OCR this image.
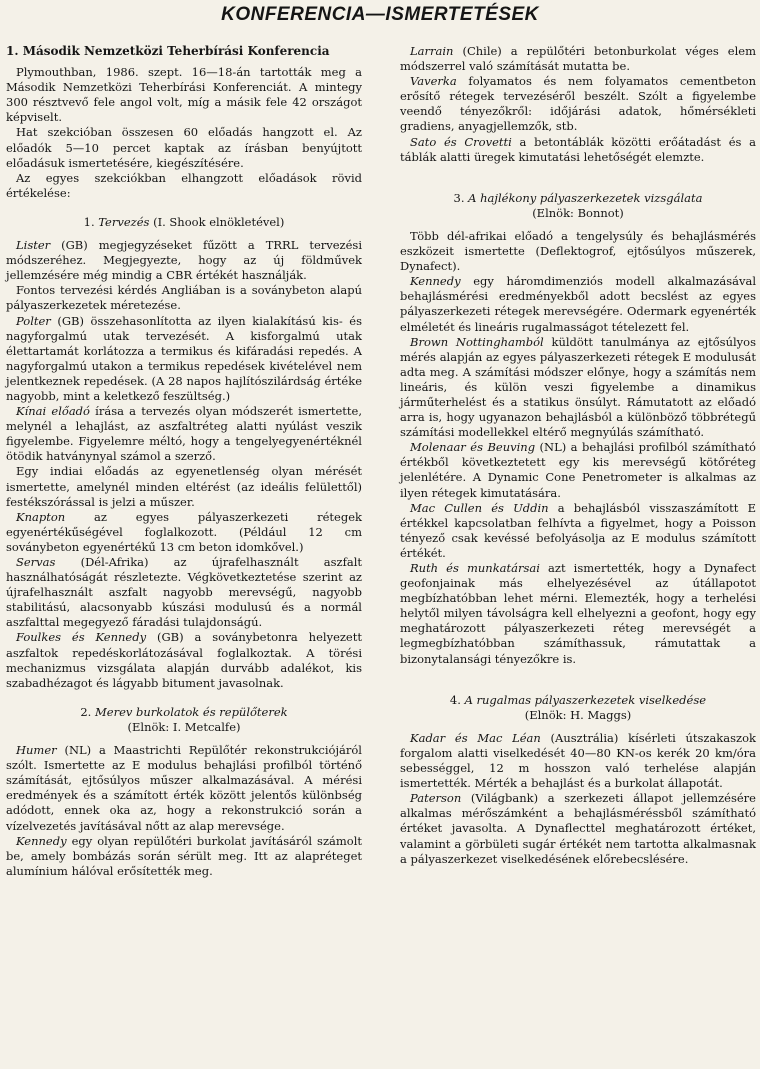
KONFERENCIA—ISMERTETÉSEK
1. Második Nemzetközi Teherbírási Konferencia

Plymouthban, 1986. szept. 16—18-án tartották meg a Második Nemzetközi Teherbírási Konferenciát. A mintegy 300 résztvevő fele angol volt, míg a másik fele 42 országot képviselt.

Hat szekcióban összesen 60 előadás hangzott el. Az előadók 5—10 percet kaptak az írásban benyújtott előadásuk ismertetésére, kiegészítésére.

Az egyes szekciókban elhangzott előadások rövid értékelése:

1. Tervezés (I. Shook elnökletével)

Lister (GB) megjegyzéseket fűzött a TRRL tervezési módszeréhez. Megjegyezte, hogy az új földművek jellemzésére még mindig a CBR értékét használják.

Fontos tervezési kérdés Angliában is a soványbeton alapú pályaszerkezetek méretezése.

Polter (GB) összehasonlította az ilyen kialakítású kis- és nagyforgalmú utak tervezését. A kisforgalmú utak élettartamát korlátozza a termikus és kifáradási repedés. A nagyforgalmú utakon a termikus repedések kivételével nem jelentkeznek repedések. (A 28 napos hajlítószilárdság értéke nagyobb, mint a keletkező feszültség.)

Kínai előadó írása a tervezés olyan módszerét ismertette, melynél a lehajlást, az aszfaltréteg alatti nyúlást veszik figyelembe. Figyelemre méltó, hogy a tengelyegyenértéknél ötödik hatványnyal számol a szerző.

Egy indiai előadás az egyenetlenség olyan mérését ismertette, amelynél minden eltérést (az ideális felülettől) festékszórással is jelzi a műszer.

Knapton az egyes pályaszerkezeti rétegek egyenértékűségével foglalkozott. (Például 12 cm soványbeton egyenértékű 13 cm beton idomkővel.)

Servas (Dél-Afrika) az újrafelhasznált aszfalt használhatóságát részletezte. Végkövetkeztetése szerint az újrafelhasznált aszfalt nagyobb merevségű, nagyobb stabilitású, alacsonyabb kúszási modulusú és a normál aszfalttal megegyező fáradási tulajdonságú.

Foulkes és Kennedy (GB) a soványbetonra helyezett aszfaltok repedéskorlátozásával foglalkoztak. A törési mechanizmus vizsgálata alapján durvább adalékot, kis szabadhézagot és lágyabb bitument javasolnak.

2. Merev burkolatok és repülőterek
(Elnök: I. Metcalfe)

Humer (NL) a Maastrichti Repülőtér rekonstrukciójáról szólt. Ismertette az E modulus behajlási profilból történő számítását, ejtősúlyos műszer alkalmazásával. A mérési eredmények és a számított érték között jelentős különbség adódott, ennek oka az, hogy a rekonstrukció során a vízelvezetés javításával nőtt az alap merevsége.

Kennedy egy olyan repülőtéri burkolat javításáról számolt be, amely bombázás során sérült meg. Itt az alapréteget alumínium hálóval erősítették meg.

Larrain (Chile) a repülőtéri betonburkolat véges elem módszerrel való számítását mutatta be.

Vaverka folyamatos és nem folyamatos cementbeton erősítő rétegek tervezéséről beszélt. Szólt a figyelembe veendő tényezőkről: időjárási adatok, hőmérsékleti gradiens, anyagjellemzők, stb.

Sato és Crovetti a betontáblák közötti erőátadást és a táblák alatti üregek kimutatási lehetőségét elemzte.

3. A hajlékony pályaszerkezetek vizsgálata
(Elnök: Bonnot)

Több dél-afrikai előadó a tengelysúly és behajlásmérés eszközeit ismertette (Deflektogrof, ejtősúlyos műszerek, Dynafect).

Kennedy egy háromdimenziós modell alkalmazásával behajlásmérési eredményekből adott becslést az egyes pályaszerkezeti rétegek merevségére. Odermark egyenérték elméletét és lineáris rugalmasságot tételezett fel.

Brown Nottinghamból küldött tanulmánya az ejtősúlyos mérés alapján az egyes pályaszerkezeti rétegek E modulusát adta meg. A számítási módszer előnye, hogy a számítás nem lineáris, és külön veszi figyelembe a dinamikus járműterhelést és a statikus önsúlyt. Rámutatott az előadó arra is, hogy ugyanazon behajlásból a különböző többrétegű számítási modellekkel eltérő megnyúlás számítható.

Molenaar és Beuving (NL) a behajlási profilból számítható értékből következtetett egy kis merevségű kötőréteg jelenlétére. A Dynamic Cone Penetrometer is alkalmas az ilyen rétegek kimutatására.

Mac Cullen és Uddin a behajlásból visszaszámított E értékkel kapcsolatban felhívta a figyelmet, hogy a Poisson tényező csak kevéssé befolyásolja az E modulus számított értékét.

Ruth és munkatársai azt ismertették, hogy a Dynafect geofonjainak más elhelyezésével az útállapotot megbízhatóbban lehet mérni. Elemezték, hogy a terhelési helytől milyen távolságra kell elhelyezni a geofont, hogy egy meghatározott pályaszerkezeti réteg merevségét a legmegbízhatóbban számíthassuk, rámutattak a bizonytalansági tényezőkre is.

4. A rugalmas pályaszerkezetek viselkedése
(Elnök: H. Maggs)

Kadar és Mac Léan (Ausztrália) kísérleti útszakaszok forgalom alatti viselkedését 40—80 KN-os kerék 20 km/óra sebességgel, 12 m hosszon való terhelése alapján ismertették. Mérték a behajlást és a burkolat állapotát.

Paterson (Világbank) a szerkezeti állapot jellemzésére alkalmas mérőszámként a behajlásméréssből számítható értéket javasolta. A Dynaflecttel meghatározott értéket, valamint a görbületi sugár értékét nem tartotta alkalmasnak a pályaszerkezet viselkedésének előrebecslésére.
